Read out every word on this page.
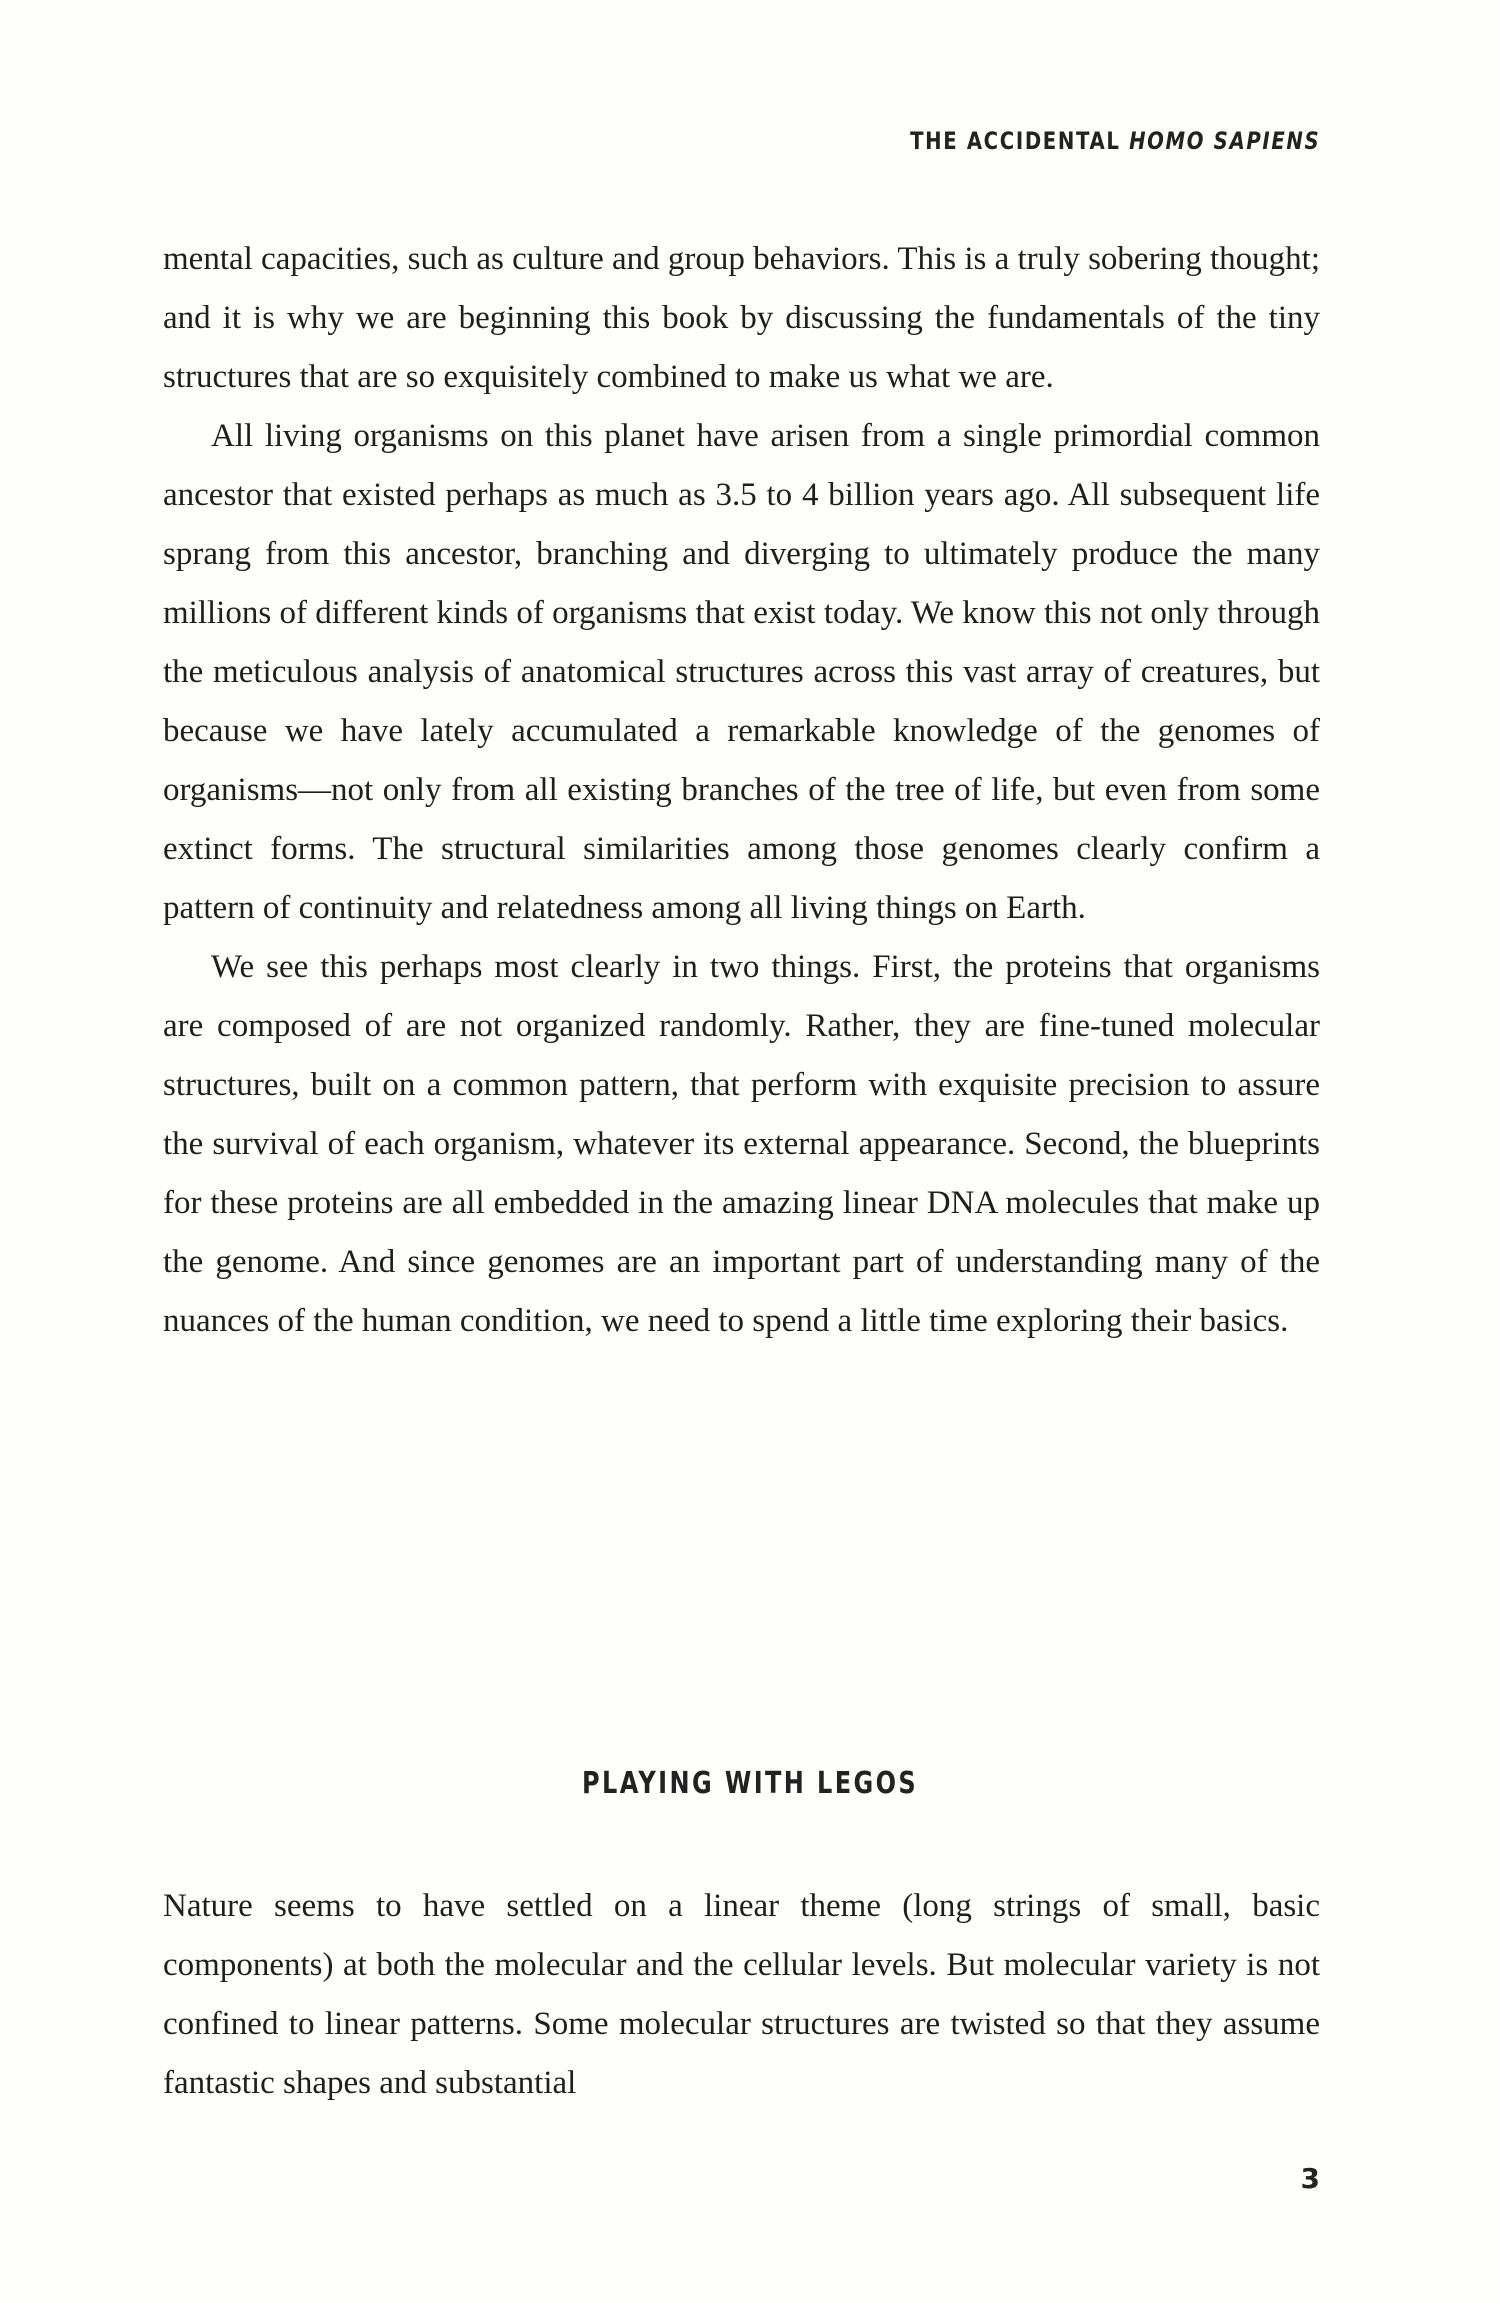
THE ACCIDENTAL HOMO SAPIENS

mental capacities, such as culture and group behaviors. This is a truly sobering thought; and it is why we are beginning this book by discussing the fundamentals of the tiny structures that are so exquisitely combined to make us what we are.

All living organisms on this planet have arisen from a single primordial common ancestor that existed perhaps as much as 3.5 to 4 billion years ago. All subsequent life sprang from this ancestor, branching and diverging to ultimately produce the many millions of different kinds of organisms that exist today. We know this not only through the meticulous analysis of anatomical structures across this vast array of creatures, but because we have lately accumulated a remarkable knowledge of the genomes of organisms—not only from all existing branches of the tree of life, but even from some extinct forms. The structural similarities among those genomes clearly confirm a pattern of continuity and relatedness among all living things on Earth.

We see this perhaps most clearly in two things. First, the proteins that organisms are composed of are not organized randomly. Rather, they are fine-tuned molecular structures, built on a common pattern, that perform with exquisite precision to assure the survival of each organism, whatever its external appearance. Second, the blueprints for these proteins are all embedded in the amazing linear DNA molecules that make up the genome. And since genomes are an important part of understanding many of the nuances of the human condition, we need to spend a little time exploring their basics.

PLAYING WITH LEGOS

Nature seems to have settled on a linear theme (long strings of small, basic components) at both the molecular and the cellular levels. But molecular variety is not confined to linear patterns. Some molecular structures are twisted so that they assume fantastic shapes and substantial

3
